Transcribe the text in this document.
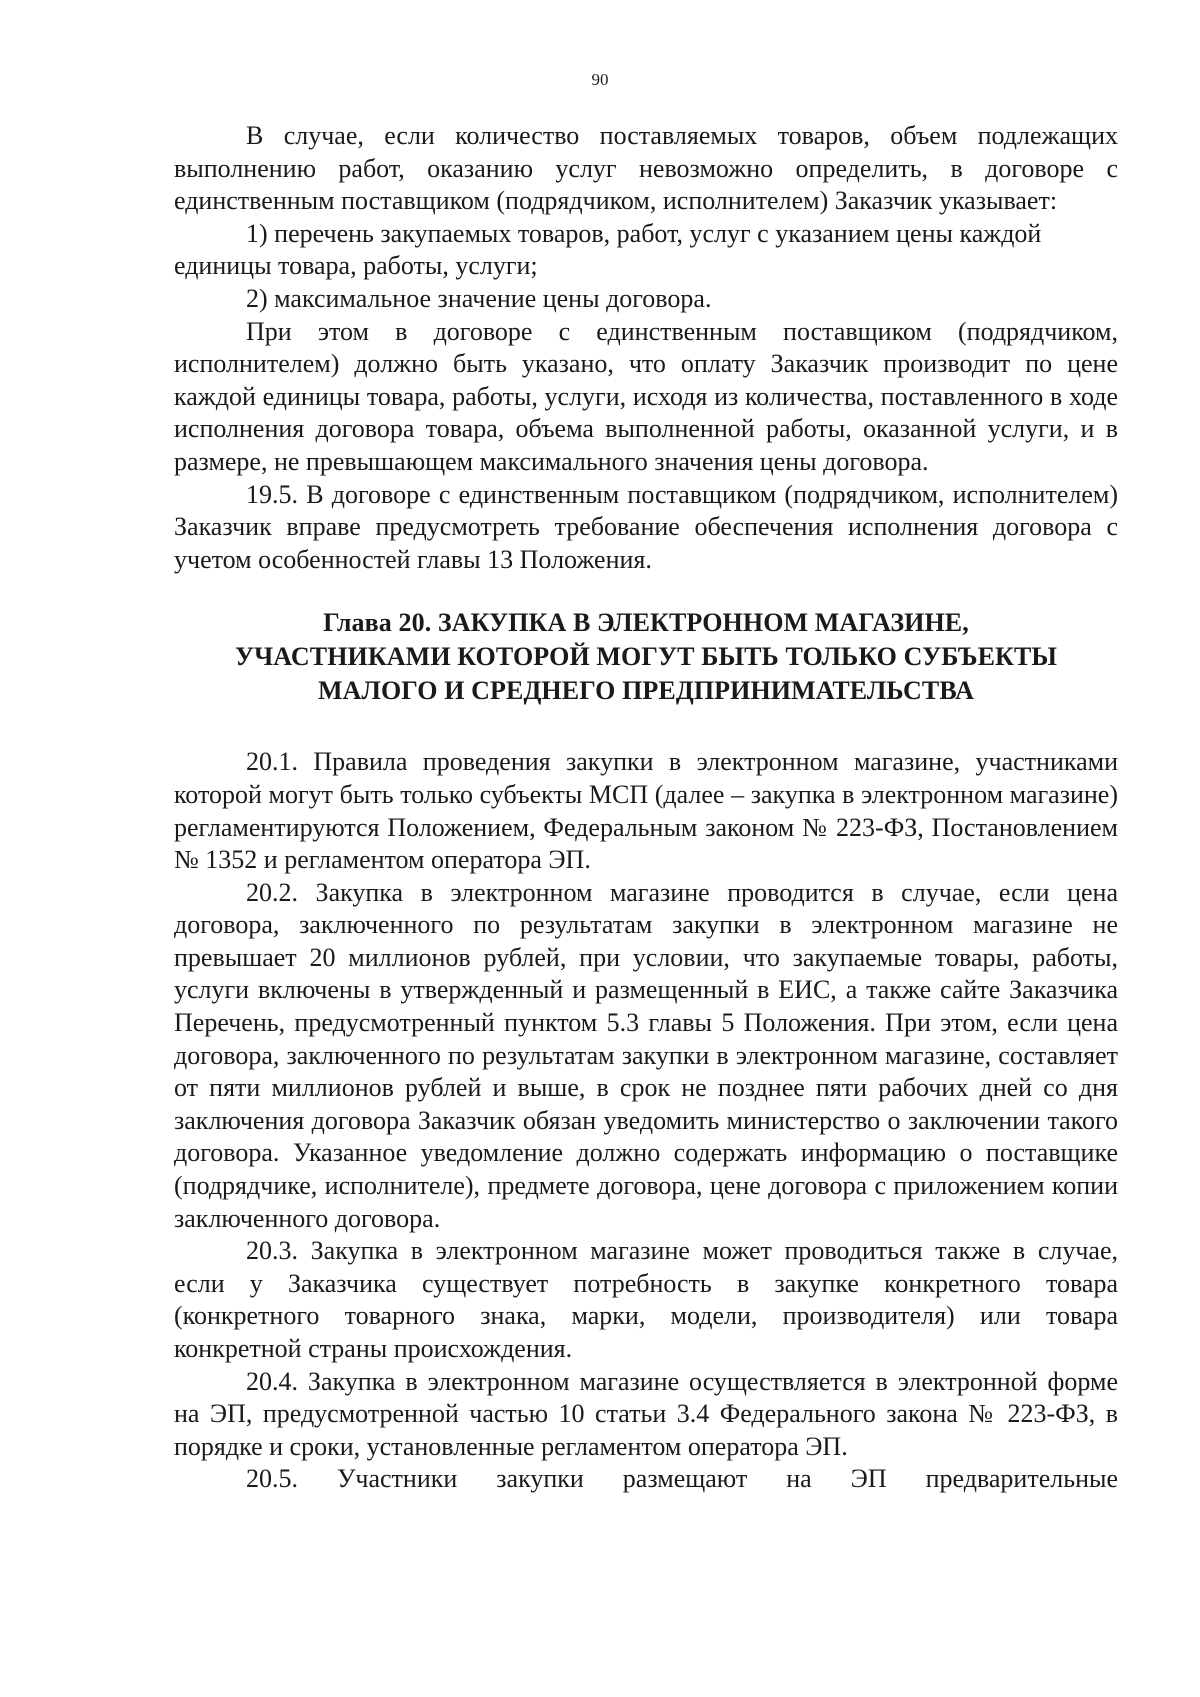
90

В случае, если количество поставляемых товаров, объем подлежащих выполнению работ, оказанию услуг невозможно определить, в договоре с единственным поставщиком (подрядчиком, исполнителем) Заказчик указывает:

1) перечень закупаемых товаров, работ, услуг с указанием цены каждой единицы товара, работы, услуги;

2) максимальное значение цены договора.

При этом в договоре с единственным поставщиком (подрядчиком, исполнителем) должно быть указано, что оплату Заказчик производит по цене каждой единицы товара, работы, услуги, исходя из количества, поставленного в ходе исполнения договора товара, объема выполненной работы, оказанной услуги, и в размере, не превышающем максимального значения цены договора.

19.5. В договоре с единственным поставщиком (подрядчиком, исполнителем) Заказчик вправе предусмотреть требование обеспечения исполнения договора с учетом особенностей главы 13 Положения.

Глава 20. ЗАКУПКА В ЭЛЕКТРОННОМ МАГАЗИНЕ,
УЧАСТНИКАМИ КОТОРОЙ МОГУТ БЫТЬ ТОЛЬКО СУБЪЕКТЫ
МАЛОГО И СРЕДНЕГО ПРЕДПРИНИМАТЕЛЬСТВА

20.1. Правила проведения закупки в электронном магазине, участниками которой могут быть только субъекты МСП (далее – закупка в электронном магазине) регламентируются Положением, Федеральным законом № 223-ФЗ, Постановлением № 1352 и регламентом оператора ЭП.

20.2. Закупка в электронном магазине проводится в случае, если цена договора, заключенного по результатам закупки в электронном магазине не превышает 20 миллионов рублей, при условии, что закупаемые товары, работы, услуги включены в утвержденный и размещенный в ЕИС, а также сайте Заказчика Перечень, предусмотренный пунктом 5.3 главы 5 Положения. При этом, если цена договора, заключенного по результатам закупки в электронном магазине, составляет от пяти миллионов рублей и выше, в срок не позднее пяти рабочих дней со дня заключения договора Заказчик обязан уведомить министерство о заключении такого договора. Указанное уведомление должно содержать информацию о поставщике (подрядчике, исполнителе), предмете договора, цене договора с приложением копии заключенного договора.

20.3. Закупка в электронном магазине может проводиться также в случае, если у Заказчика существует потребность в закупке конкретного товара (конкретного товарного знака, марки, модели, производителя) или товара конкретной страны происхождения.

20.4. Закупка в электронном магазине осуществляется в электронной форме на ЭП, предусмотренной частью 10 статьи 3.4 Федерального закона № 223-ФЗ, в порядке и сроки, установленные регламентом оператора ЭП.

20.5. Участники закупки размещают на ЭП предварительные
